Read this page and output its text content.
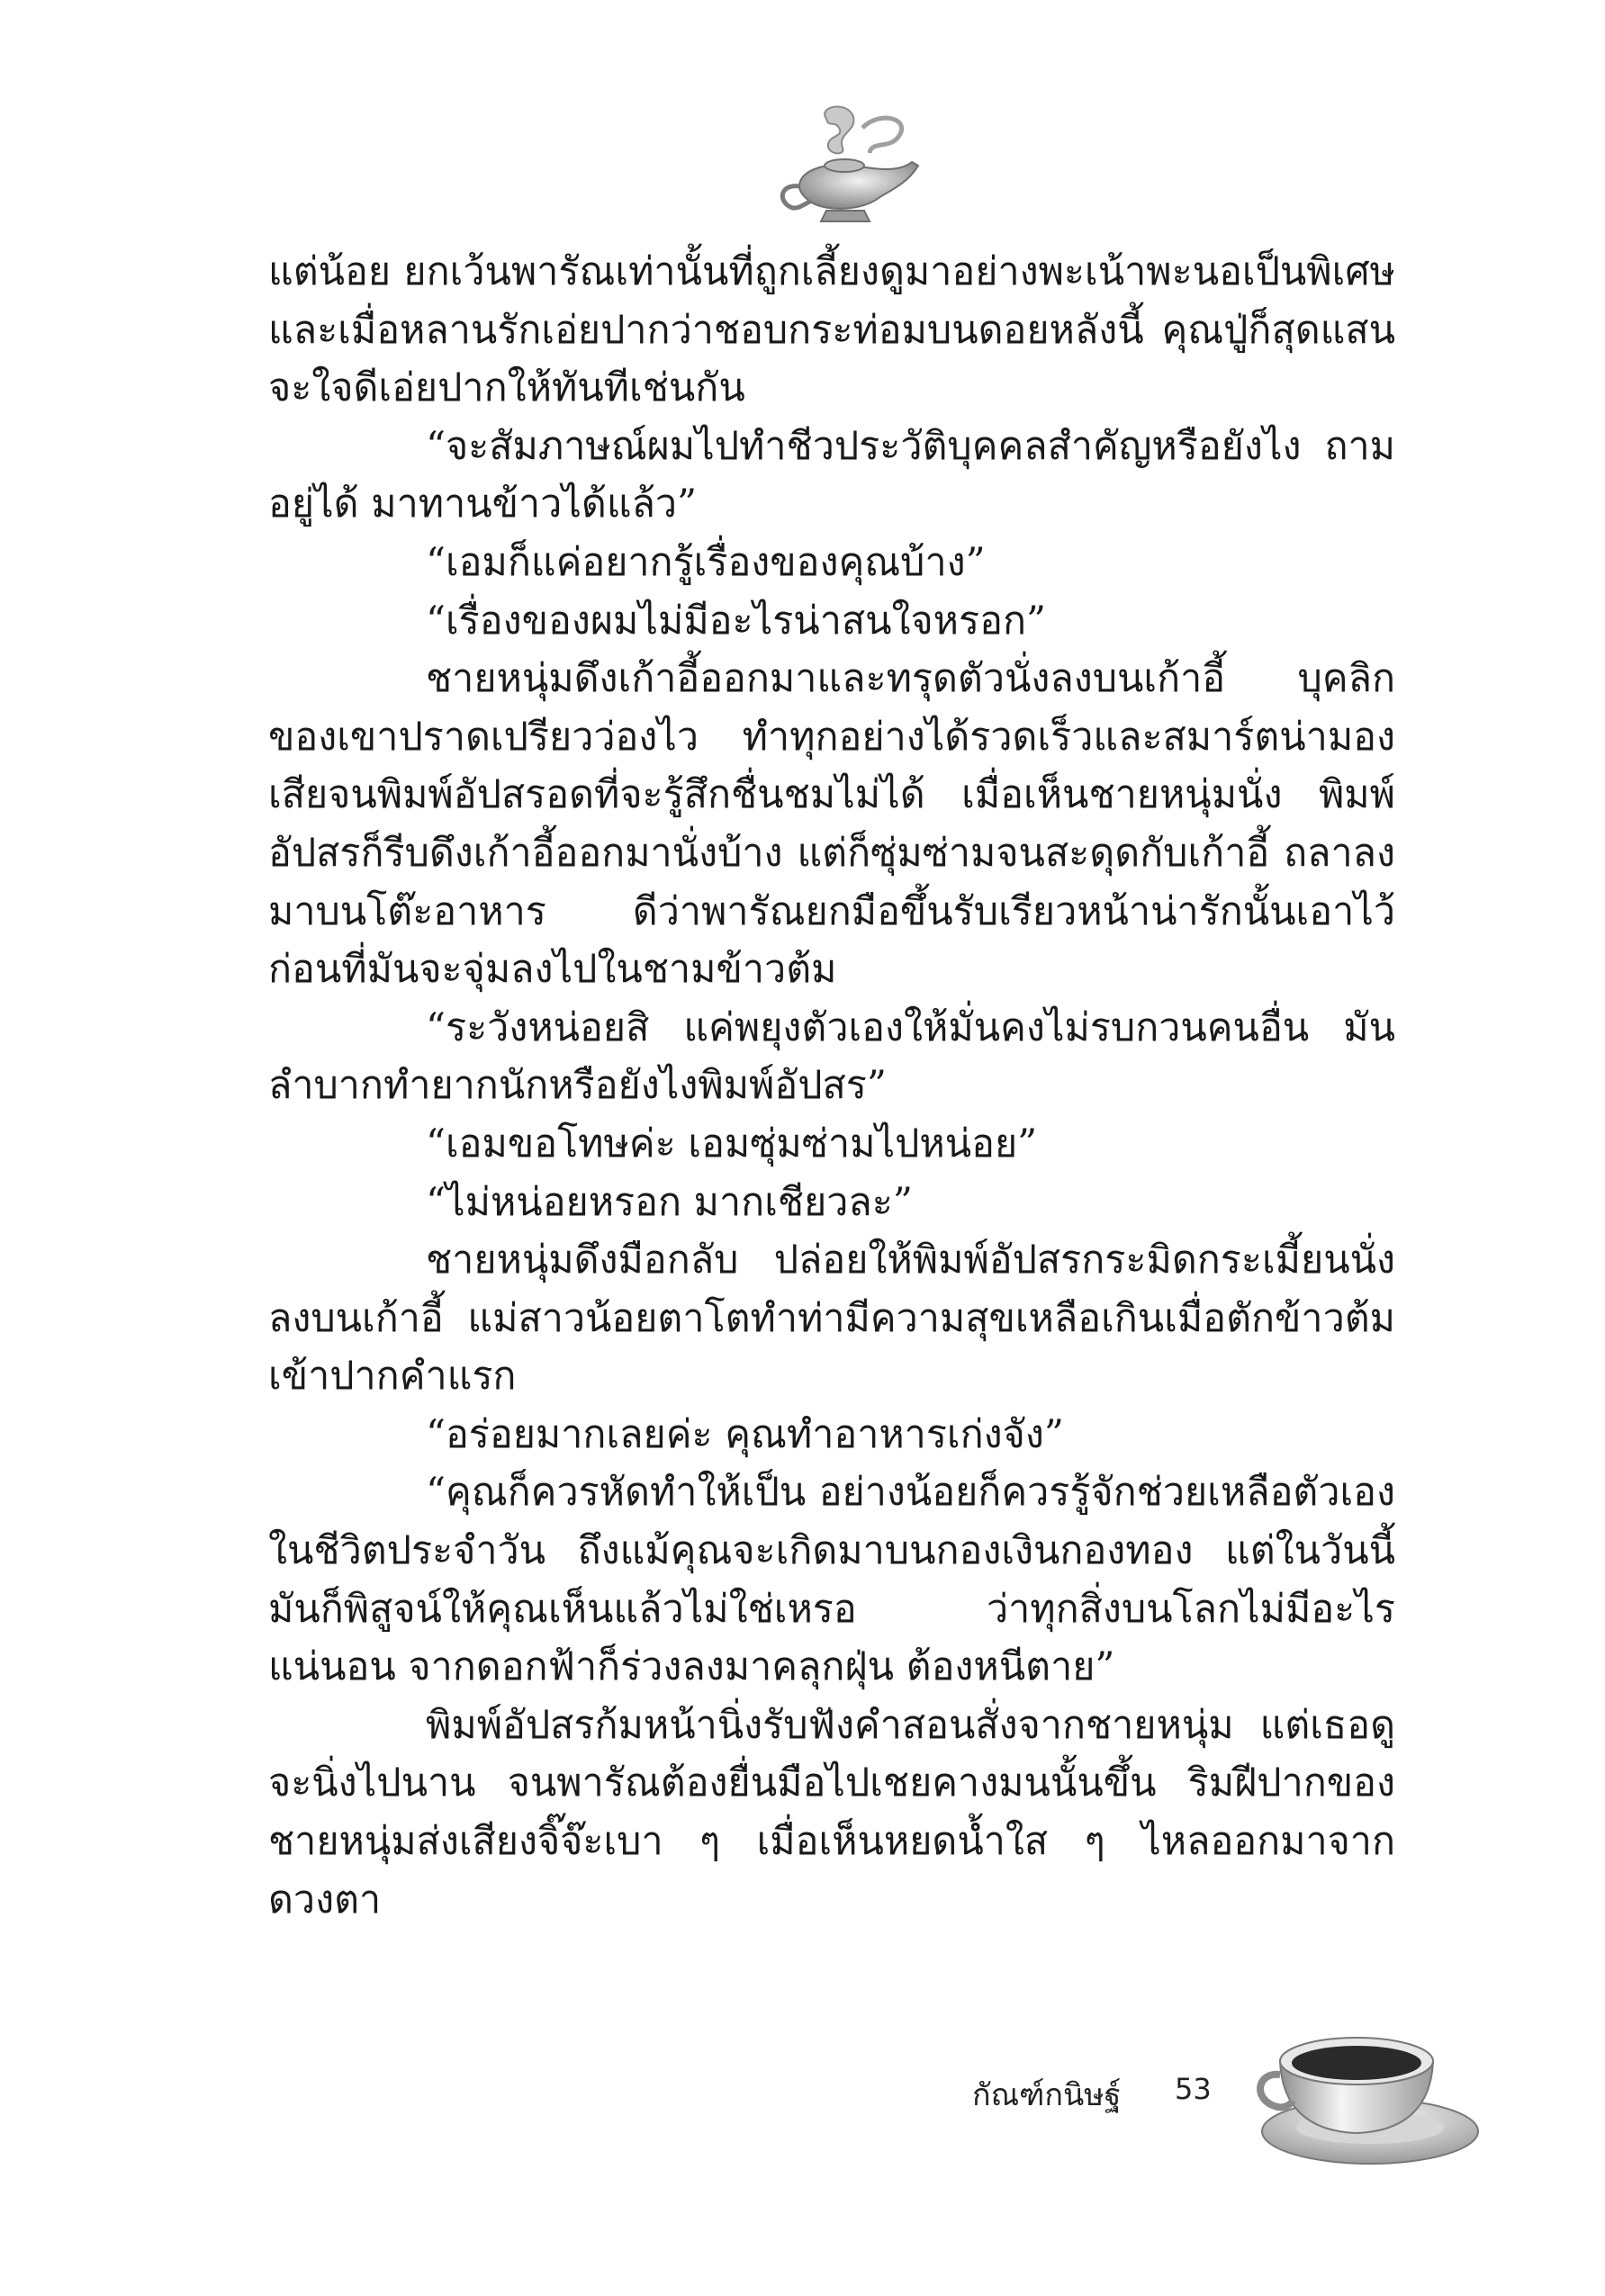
แต่น้อย ยกเว้นพารัณเท่านั้นที่ถูกเลี้ยงดูมาอย่างพะเน้าพะนอเป็นพิเศษ และเมื่อหลานรักเอ่ยปากว่าชอบกระท่อมบนดอยหลังนี้ คุณปู่ก็สุดแสนจะใจดีเอ่ยปากให้ทันทีเช่นกัน

“จะสัมภาษณ์ผมไปทำชีวประวัติบุคคลสำคัญหรือยังไง ถามอยู่ได้ มาทานข้าวได้แล้ว”

“เอมก็แค่อยากรู้เรื่องของคุณบ้าง”

“เรื่องของผมไม่มีอะไรน่าสนใจหรอก”

ชายหนุ่มดึงเก้าอี้ออกมาและทรุดตัวนั่งลงบนเก้าอี้ บุคลิกของเขาปราดเปรียวว่องไว ทำทุกอย่างได้รวดเร็วและสมาร์ตน่ามองเสียจนพิมพ์อัปสรอดที่จะรู้สึกชื่นชมไม่ได้ เมื่อเห็นชายหนุ่มนั่ง พิมพ์อัปสรก็รีบดึงเก้าอี้ออกมานั่งบ้าง แต่ก็ซุ่มซ่ามจนสะดุดกับเก้าอี้ ถลาลงมาบนโต๊ะอาหาร ดีว่าพารัณยกมือขึ้นรับเรียวหน้าน่ารักนั้นเอาไว้ ก่อนที่มันจะจุ่มลงไปในชามข้าวต้ม

“ระวังหน่อยสิ แค่พยุงตัวเองให้มั่นคงไม่รบกวนคนอื่น มันลำบากทำยากนักหรือยังไงพิมพ์อัปสร”

“เอมขอโทษค่ะ เอมซุ่มซ่ามไปหน่อย”

“ไม่หน่อยหรอก มากเชียวละ”

ชายหนุ่มดึงมือกลับ ปล่อยให้พิมพ์อัปสรกระมิดกระเมี้ยนนั่งลงบนเก้าอี้ แม่สาวน้อยตาโตทำท่ามีความสุขเหลือเกินเมื่อตักข้าวต้มเข้าปากคำแรก

“อร่อยมากเลยค่ะ คุณทำอาหารเก่งจัง”

“คุณก็ควรหัดทำให้เป็น อย่างน้อยก็ควรรู้จักช่วยเหลือตัวเองในชีวิตประจำวัน ถึงแม้คุณจะเกิดมาบนกองเงินกองทอง แต่ในวันนี้มันก็พิสูจน์ให้คุณเห็นแล้วไม่ใช่เหรอ ว่าทุกสิ่งบนโลกไม่มีอะไรแน่นอน จากดอกฟ้าก็ร่วงลงมาคลุกฝุ่น ต้องหนีตาย”

พิมพ์อัปสรก้มหน้านิ่งรับฟังคำสอนสั่งจากชายหนุ่ม แต่เธอดูจะนิ่งไปนาน จนพารัณต้องยื่นมือไปเชยคางมนนั้นขึ้น ริมฝีปากของชายหนุ่มส่งเสียงจิ๊จ๊ะเบา ๆ เมื่อเห็นหยดน้ำใส ๆ ไหลออกมาจากดวงตา

กัณฑ์กนิษฐ์ 53
